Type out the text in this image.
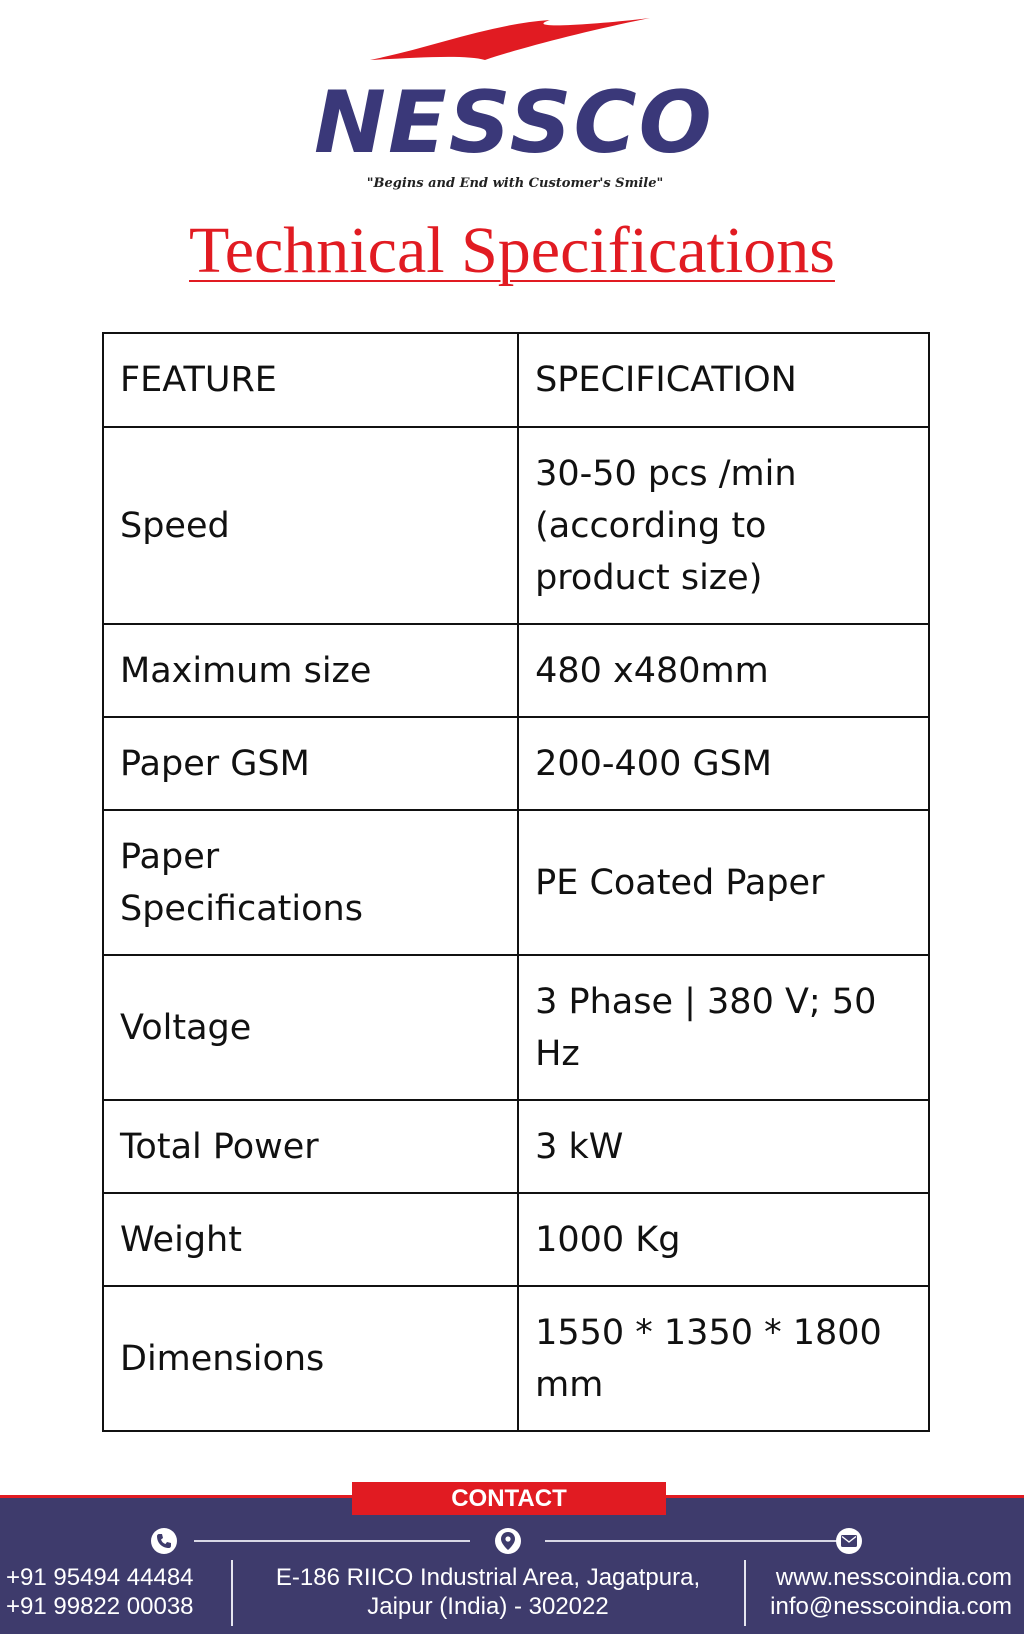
NESSCO
"Begins and End with Customer's Smile"
Technical Specifications
FEATURE	SPECIFICATION
Speed	30-50 pcs /min (according to product size)
Maximum size	480 x480mm
Paper GSM	200-400 GSM
Paper Specifications	PE Coated Paper
Voltage	3 Phase | 380 V; 50 Hz
Total Power	3 kW
Weight	1000 Kg
Dimensions	1550 * 1350 * 1800 mm
CONTACT
+91 95494 44484
+91 99822 00038
E-186 RIICO Industrial Area, Jagatpura,
Jaipur (India) - 302022
www.nesscoindia.com
info@nesscoindia.com
